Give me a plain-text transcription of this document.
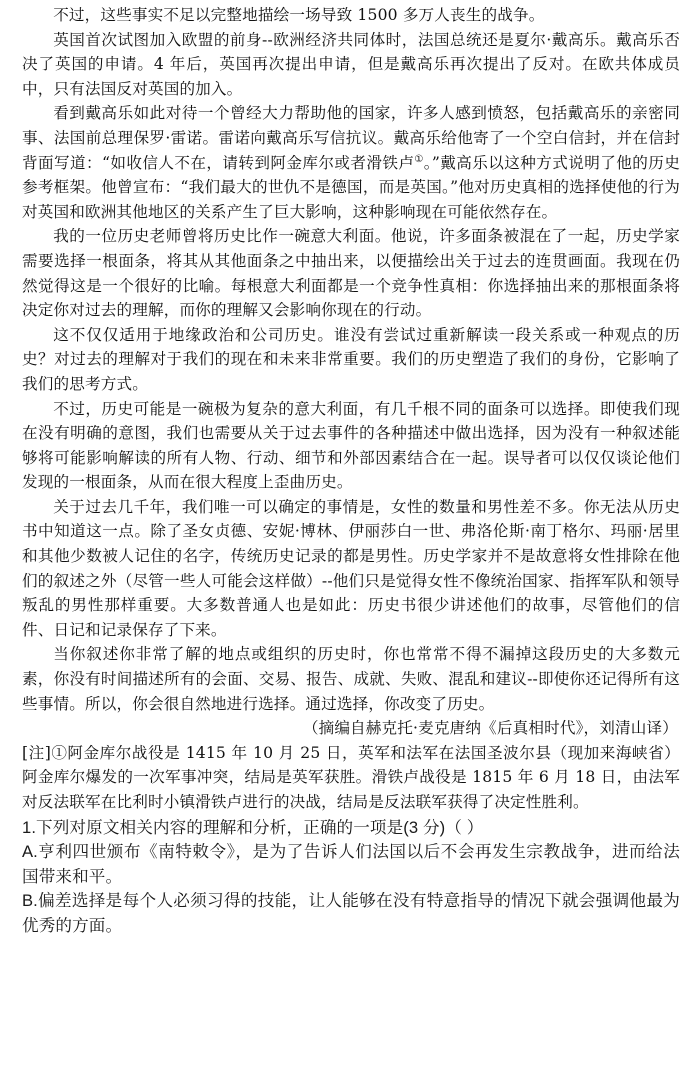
不过，这些事实不足以完整地描绘一场导致 1500 多万人丧生的战争。

英国首次试图加入欧盟的前身--欧洲经济共同体时，法国总统还是夏尔·戴高乐。戴高乐否决了英国的申请。4 年后，英国再次提出申请，但是戴高乐再次提出了反对。在欧共体成员中，只有法国反对英国的加入。

看到戴高乐如此对待一个曾经大力帮助他的国家，许多人感到愤怒，包括戴高乐的亲密同事、法国前总理保罗·雷诺。雷诺向戴高乐写信抗议。戴高乐给他寄了一个空白信封，并在信封背面写道：“如收信人不在，请转到阿金库尔或者滑铁卢①。”戴高乐以这种方式说明了他的历史参考框架。他曾宣布：“我们最大的世仇不是德国，而是英国。”他对历史真相的选择使他的行为对英国和欧洲其他地区的关系产生了巨大影响，这种影响现在可能依然存在。

我的一位历史老师曾将历史比作一碗意大利面。他说，许多面条被混在了一起，历史学家需要选择一根面条，将其从其他面条之中抽出来，以便描绘出关于过去的连贯画面。我现在仍然觉得这是一个很好的比喻。每根意大利面都是一个竞争性真相：你选择抽出来的那根面条将决定你对过去的理解，而你的理解又会影响你现在的行动。

这不仅仅适用于地缘政治和公司历史。谁没有尝试过重新解读一段关系或一种观点的历史？对过去的理解对于我们的现在和未来非常重要。我们的历史塑造了我们的身份，它影响了我们的思考方式。

不过，历史可能是一碗极为复杂的意大利面，有几千根不同的面条可以选择。即使我们现在没有明确的意图，我们也需要从关于过去事件的各种描述中做出选择，因为没有一种叙述能够将可能影响解读的所有人物、行动、细节和外部因素结合在一起。误导者可以仅仅谈论他们发现的一根面条，从而在很大程度上歪曲历史。

关于过去几千年，我们唯一可以确定的事情是，女性的数量和男性差不多。你无法从历史书中知道这一点。除了圣女贞德、安妮·博林、伊丽莎白一世、弗洛伦斯·南丁格尔、玛丽·居里和其他少数被人记住的名字，传统历史记录的都是男性。历史学家并不是故意将女性排除在他们的叙述之外（尽管一些人可能会这样做）--他们只是觉得女性不像统治国家、指挥军队和领导叛乱的男性那样重要。大多数普通人也是如此：历史书很少讲述他们的故事，尽管他们的信件、日记和记录保存了下来。

当你叙述你非常了解的地点或组织的历史时，你也常常不得不漏掉这段历史的大多数元素，你没有时间描述所有的会面、交易、报告、成就、失败、混乱和建议--即使你还记得所有这些事情。所以，你会很自然地进行选择。通过选择，你改变了历史。

（摘编自赫克托·麦克唐纳《后真相时代》，刘清山译）

[注]①阿金库尔战役是 1415 年 10 月 25 日，英军和法军在法国圣波尔县（现加来海峡省）阿金库尔爆发的一次军事冲突，结局是英军获胜。滑铁卢战役是 1815 年 6 月 18 日，由法军对反法联军在比利时小镇滑铁卢进行的决战，结局是反法联军获得了决定性胜利。

1.下列对原文相关内容的理解和分析，正确的一项是(3 分)（ ）

A.亨利四世颁布《南特敕令》，是为了告诉人们法国以后不会再发生宗教战争，进而给法国带来和平。

B.偏差选择是每个人必须习得的技能，让人能够在没有特意指导的情况下就会强调他最为优秀的方面。
